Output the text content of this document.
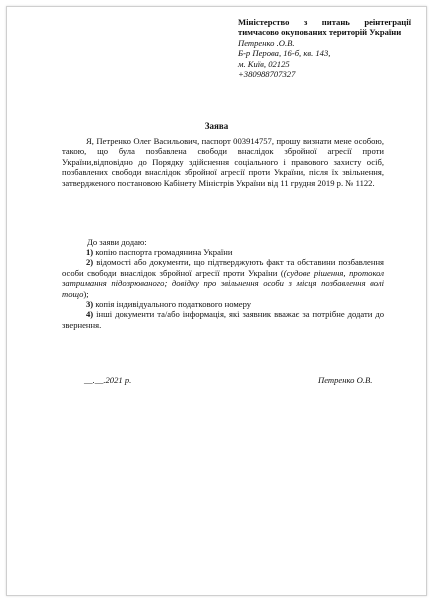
Міністерство з питань реінтеграції тимчасово окупованих територій України
Петренко .О.В.
Б-р Перова, 16-б, кв. 143,
м. Київ, 02125
+380988707327
Заява
Я, Петренко Олег Васильович, паспорт 003914757, прошу визнати мене особою, такою, що була позбавлена свободи внаслідок збройної агресії проти України,відповідно до Порядку здійснення соціального і правового захисту осіб, позбавлених свободи внаслідок збройної агресії проти України, після їх звільнення, затвердженого постановою Кабінету Міністрів України від 11 грудня 2019 р. № 1122.
До заяви додаю:

1) копію паспорта громадянина України

2) відомості або документи, що підтверджують факт та обставини позбавлення особи свободи внаслідок збройної агресії проти України ((судове рішення, протокол затримання підозрюваного; довідку про звільнення особи з місця позбавлення волі тощо);

3) копія індивідуального податкового номеру

4) інші документи та/або інформація, які заявник вважає за потрібне додати до звернення.

__.__.2021 р.	Петренко О.В.
